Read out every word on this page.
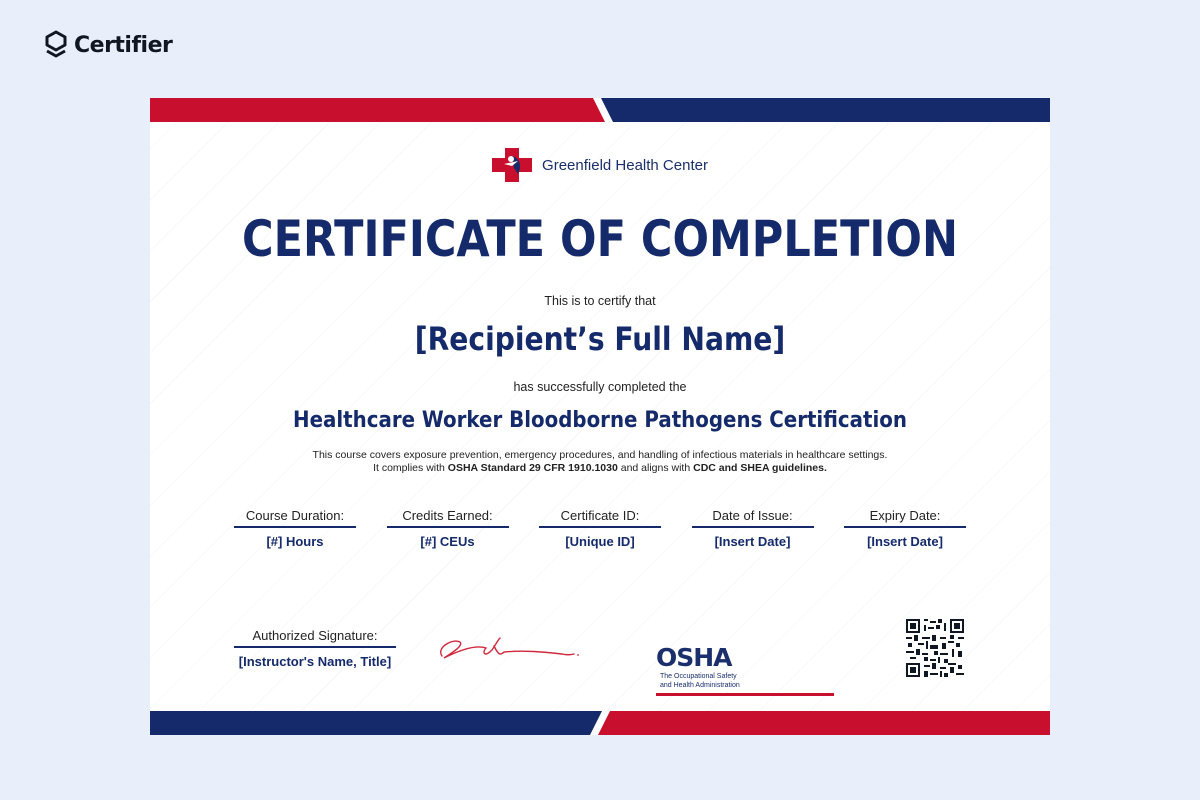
Certifier
Greenfield Health Center
CERTIFICATE OF COMPLETION
This is to certify that
[Recipient’s Full Name]
has successfully completed the
Healthcare Worker Bloodborne Pathogens Certification
This course covers exposure prevention, emergency procedures, and handling of infectious materials in healthcare settings.
It complies with OSHA Standard 29 CFR 1910.1030 and aligns with CDC and SHEA guidelines.
Course Duration:
[#] Hours
Credits Earned:
[#] CEUs
Certificate ID:
[Unique ID]
Date of Issue:
[Insert Date]
Expiry Date:
[Insert Date]
Authorized Signature:
[Instructor's Name, Title]	OSHA The Occupational Safety
and Health Administration
